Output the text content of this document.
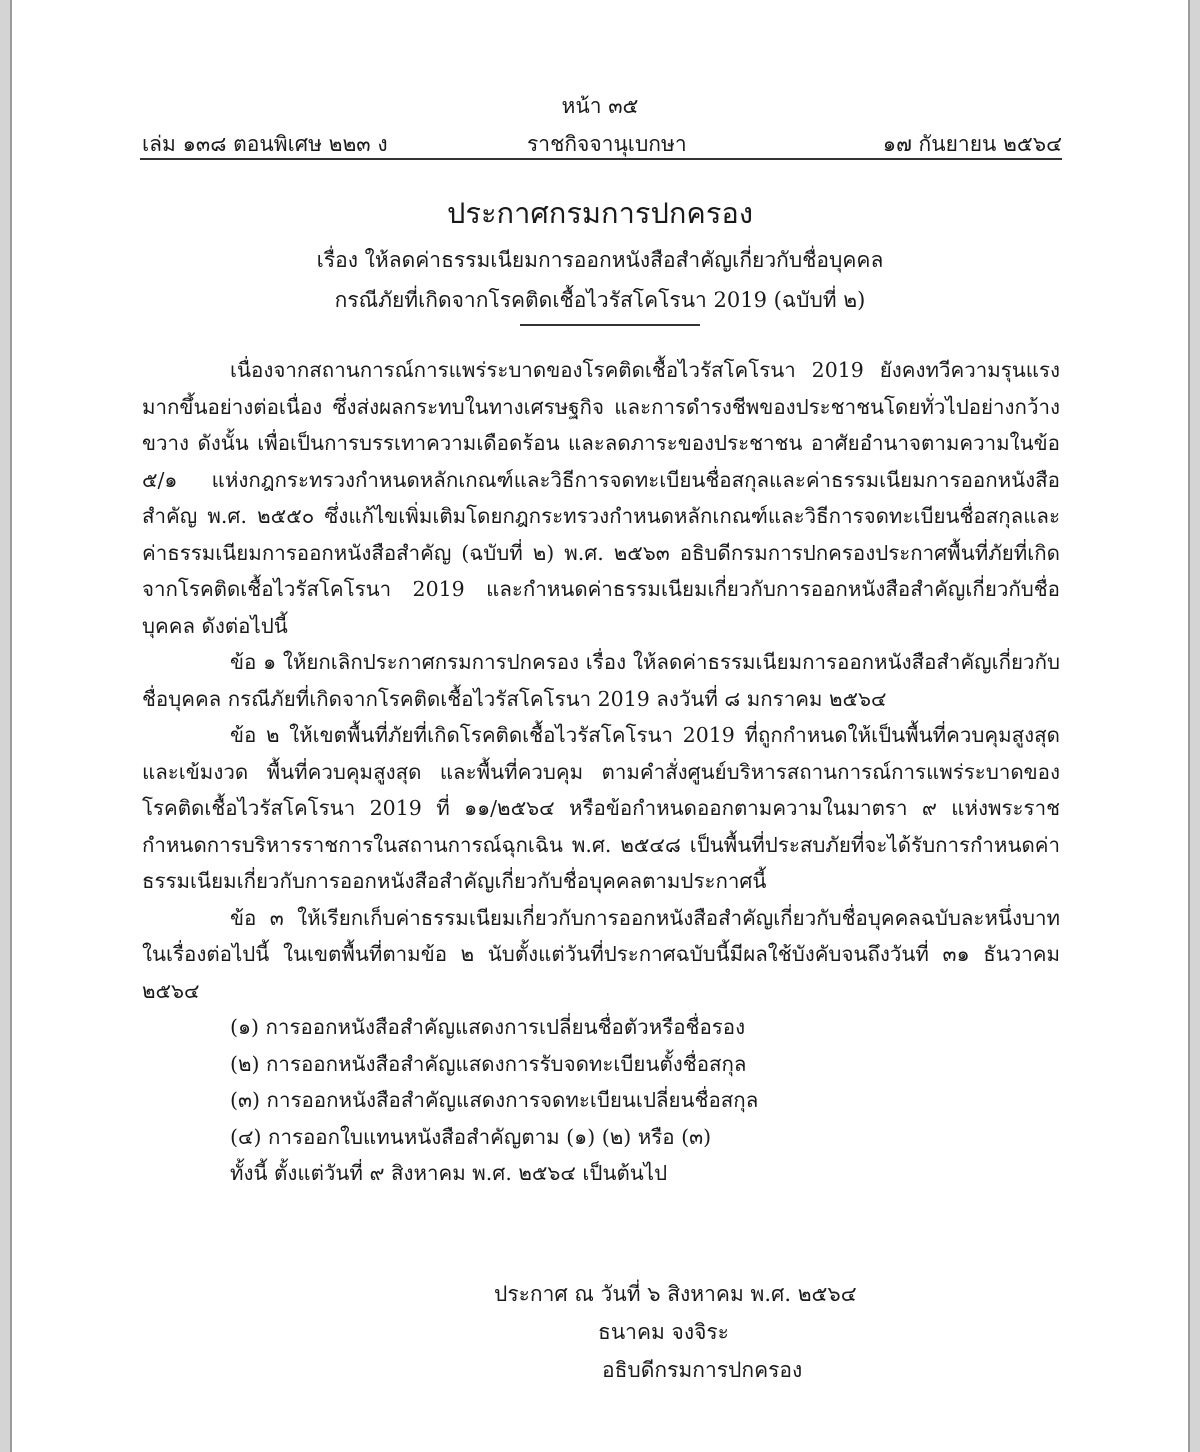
หน้า ๓๕
เล่ม ๑๓๘ ตอนพิเศษ ๒๒๓ ง	ราชกิจจานุเบกษา	๑๗ กันยายน ๒๕๖๔
ประกาศกรมการปกครอง
เรื่อง ให้ลดค่าธรรมเนียมการออกหนังสือสำคัญเกี่ยวกับชื่อบุคคล
กรณีภัยที่เกิดจากโรคติดเชื้อไวรัสโคโรนา 2019 (ฉบับที่ ๒)

เนื่องจากสถานการณ์การแพร่ระบาดของโรคติดเชื้อไวรัสโคโรนา 2019 ยังคงทวีความรุนแรงมากขึ้นอย่างต่อเนื่อง ซึ่งส่งผลกระทบในทางเศรษฐกิจ และการดำรงชีพของประชาชนโดยทั่วไปอย่างกว้างขวาง ดังนั้น เพื่อเป็นการบรรเทาความเดือดร้อน และลดภาระของประชาชน อาศัยอำนาจตามความในข้อ ๕/๑ แห่งกฎกระทรวงกำหนดหลักเกณฑ์และวิธีการจดทะเบียนชื่อสกุลและค่าธรรมเนียมการออกหนังสือสำคัญ พ.ศ. ๒๕๕๐ ซึ่งแก้ไขเพิ่มเติมโดยกฎกระทรวงกำหนดหลักเกณฑ์และวิธีการจดทะเบียนชื่อสกุลและค่าธรรมเนียมการออกหนังสือสำคัญ (ฉบับที่ ๒) พ.ศ. ๒๕๖๓ อธิบดีกรมการปกครองประกาศพื้นที่ภัยที่เกิดจากโรคติดเชื้อไวรัสโคโรนา 2019 และกำหนดค่าธรรมเนียมเกี่ยวกับการออกหนังสือสำคัญเกี่ยวกับชื่อบุคคล ดังต่อไปนี้

ข้อ ๑ ให้ยกเลิกประกาศกรมการปกครอง เรื่อง ให้ลดค่าธรรมเนียมการออกหนังสือสำคัญเกี่ยวกับชื่อบุคคล กรณีภัยที่เกิดจากโรคติดเชื้อไวรัสโคโรนา 2019 ลงวันที่ ๘ มกราคม ๒๕๖๔

ข้อ ๒ ให้เขตพื้นที่ภัยที่เกิดโรคติดเชื้อไวรัสโคโรนา 2019 ที่ถูกกำหนดให้เป็นพื้นที่ควบคุมสูงสุดและเข้มงวด พื้นที่ควบคุมสูงสุด และพื้นที่ควบคุม ตามคำสั่งศูนย์บริหารสถานการณ์การแพร่ระบาดของโรคติดเชื้อไวรัสโคโรนา 2019 ที่ ๑๑/๒๕๖๔ หรือข้อกำหนดออกตามความในมาตรา ๙ แห่งพระราชกำหนดการบริหารราชการในสถานการณ์ฉุกเฉิน พ.ศ. ๒๕๔๘ เป็นพื้นที่ประสบภัยที่จะได้รับการกำหนดค่าธรรมเนียมเกี่ยวกับการออกหนังสือสำคัญเกี่ยวกับชื่อบุคคลตามประกาศนี้

ข้อ ๓ ให้เรียกเก็บค่าธรรมเนียมเกี่ยวกับการออกหนังสือสำคัญเกี่ยวกับชื่อบุคคลฉบับละหนึ่งบาท ในเรื่องต่อไปนี้ ในเขตพื้นที่ตามข้อ ๒ นับตั้งแต่วันที่ประกาศฉบับนี้มีผลใช้บังคับจนถึงวันที่ ๓๑ ธันวาคม ๒๕๖๔

(๑) การออกหนังสือสำคัญแสดงการเปลี่ยนชื่อตัวหรือชื่อรอง

(๒) การออกหนังสือสำคัญแสดงการรับจดทะเบียนตั้งชื่อสกุล

(๓) การออกหนังสือสำคัญแสดงการจดทะเบียนเปลี่ยนชื่อสกุล

(๔) การออกใบแทนหนังสือสำคัญตาม (๑) (๒) หรือ (๓)

ทั้งนี้ ตั้งแต่วันที่ ๙ สิงหาคม พ.ศ. ๒๕๖๔ เป็นต้นไป

ประกาศ ณ วันที่ ๖ สิงหาคม พ.ศ. ๒๕๖๔
ธนาคม จงจิระ
อธิบดีกรมการปกครอง
